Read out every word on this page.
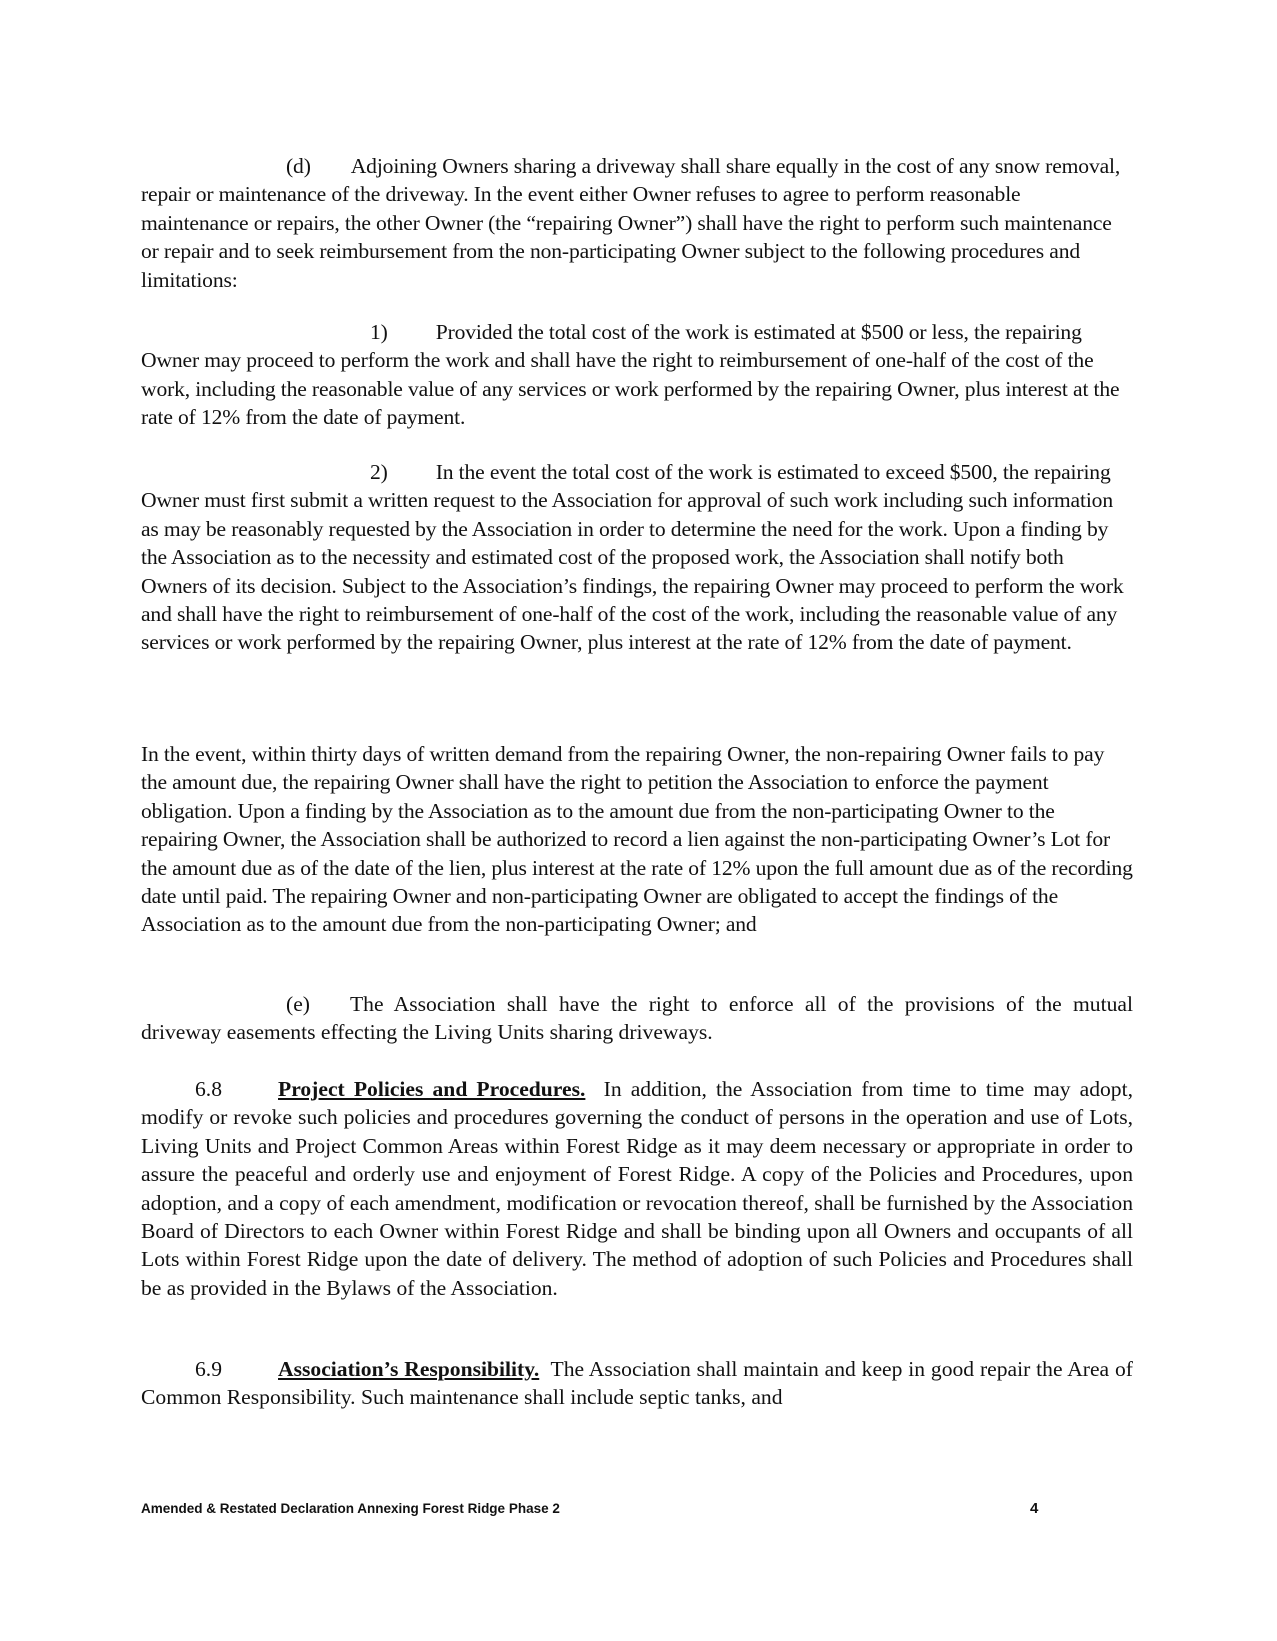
(d) Adjoining Owners sharing a driveway shall share equally in the cost of any snow removal, repair or maintenance of the driveway. In the event either Owner refuses to agree to perform reasonable maintenance or repairs, the other Owner (the “repairing Owner”) shall have the right to perform such maintenance or repair and to seek reimbursement from the non-participating Owner subject to the following procedures and limitations:

1) Provided the total cost of the work is estimated at $500 or less, the repairing Owner may proceed to perform the work and shall have the right to reimbursement of one-half of the cost of the work, including the reasonable value of any services or work performed by the repairing Owner, plus interest at the rate of 12% from the date of payment.

2) In the event the total cost of the work is estimated to exceed $500, the repairing Owner must first submit a written request to the Association for approval of such work including such information as may be reasonably requested by the Association in order to determine the need for the work. Upon a finding by the Association as to the necessity and estimated cost of the proposed work, the Association shall notify both Owners of its decision. Subject to the Association’s findings, the repairing Owner may proceed to perform the work and shall have the right to reimbursement of one-half of the cost of the work, including the reasonable value of any services or work performed by the repairing Owner, plus interest at the rate of 12% from the date of payment.

In the event, within thirty days of written demand from the repairing Owner, the non-repairing Owner fails to pay the amount due, the repairing Owner shall have the right to petition the Association to enforce the payment obligation. Upon a finding by the Association as to the amount due from the non-participating Owner to the repairing Owner, the Association shall be authorized to record a lien against the non-participating Owner’s Lot for the amount due as of the date of the lien, plus interest at the rate of 12% upon the full amount due as of the recording date until paid. The repairing Owner and non-participating Owner are obligated to accept the findings of the Association as to the amount due from the non-participating Owner; and

(e) The Association shall have the right to enforce all of the provisions of the mutual driveway easements effecting the Living Units sharing driveways.

6.8	Project Policies and Procedures. In addition, the Association from time to time may adopt, modify or revoke such policies and procedures governing the conduct of persons in the operation and use of Lots, Living Units and Project Common Areas within Forest Ridge as it may deem necessary or appropriate in order to assure the peaceful and orderly use and enjoyment of Forest Ridge. A copy of the Policies and Procedures, upon adoption, and a copy of each amendment, modification or revocation thereof, shall be furnished by the Association Board of Directors to each Owner within Forest Ridge and shall be binding upon all Owners and occupants of all Lots within Forest Ridge upon the date of delivery. The method of adoption of such Policies and Procedures shall be as provided in the Bylaws of the Association.

6.9	Association’s Responsibility. The Association shall maintain and keep in good repair the Area of Common Responsibility. Such maintenance shall include septic tanks, and

Amended & Restated Declaration Annexing Forest Ridge Phase 2	4
